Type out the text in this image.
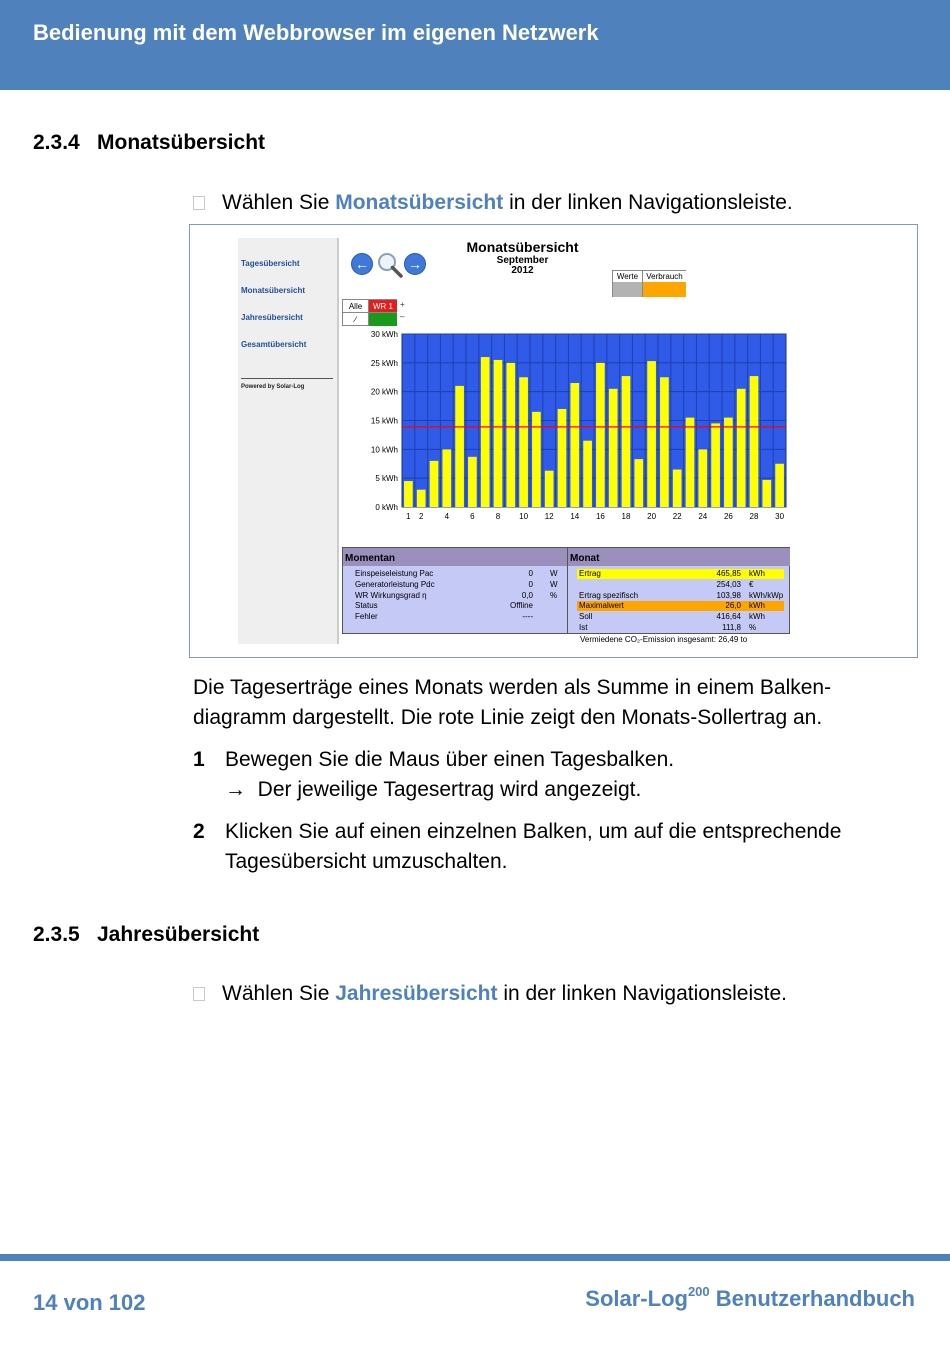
Bedienung mit dem Webbrowser im eigenen Netzwerk
2.3.4 Monatsübersicht
Wählen Sie Monatsübersicht in der linken Navigationsleiste.
Tagesübersicht
Monatsübersicht
Jahresübersicht
Gesamtübersicht
Powered by Solar-Log
←	→
Monatsübersicht
September
2012
Werte	Verbrauch
Alle	WR 1
∕
+
–
0 kWh
5 kWh
10 kWh
15 kWh
20 kWh
25 kWh
30 kWh
1 2	4	6	8 10 12 14 16 18 20 22 24 26 28 30
Momentan	Monat
Einspeiseleistung Pac	0 W
Generatorleistung Pdc	0 W
WR Wirkungsgrad η	0,0 %
Status	Offline
Fehler	----
Ertrag	465,85 kWh
254,03 €
Ertrag spezifisch	103,98 kWh/kWp
Maximalwert	26,0 kWh
Soll	416,64 kWh
Ist	111,8 %
Vermiedene CO₂-Emission insgesamt: 26,49 to
Die Tageserträge eines Monats werden als Summe in einem Balken-
diagramm dargestellt. Die rote Linie zeigt den Monats-Sollertrag an.
1 Bewegen Sie die Maus über einen Tagesbalken.
→  Der jeweilige Tagesertrag wird angezeigt.
2 Klicken Sie auf einen einzelnen Balken, um auf die entsprechende
Tagesübersicht umzuschalten.
2.3.5 Jahresübersicht
Wählen Sie Jahresübersicht in der linken Navigationsleiste.
14 von 102	Solar-Log$^{200}$ Benutzerhandbuch
